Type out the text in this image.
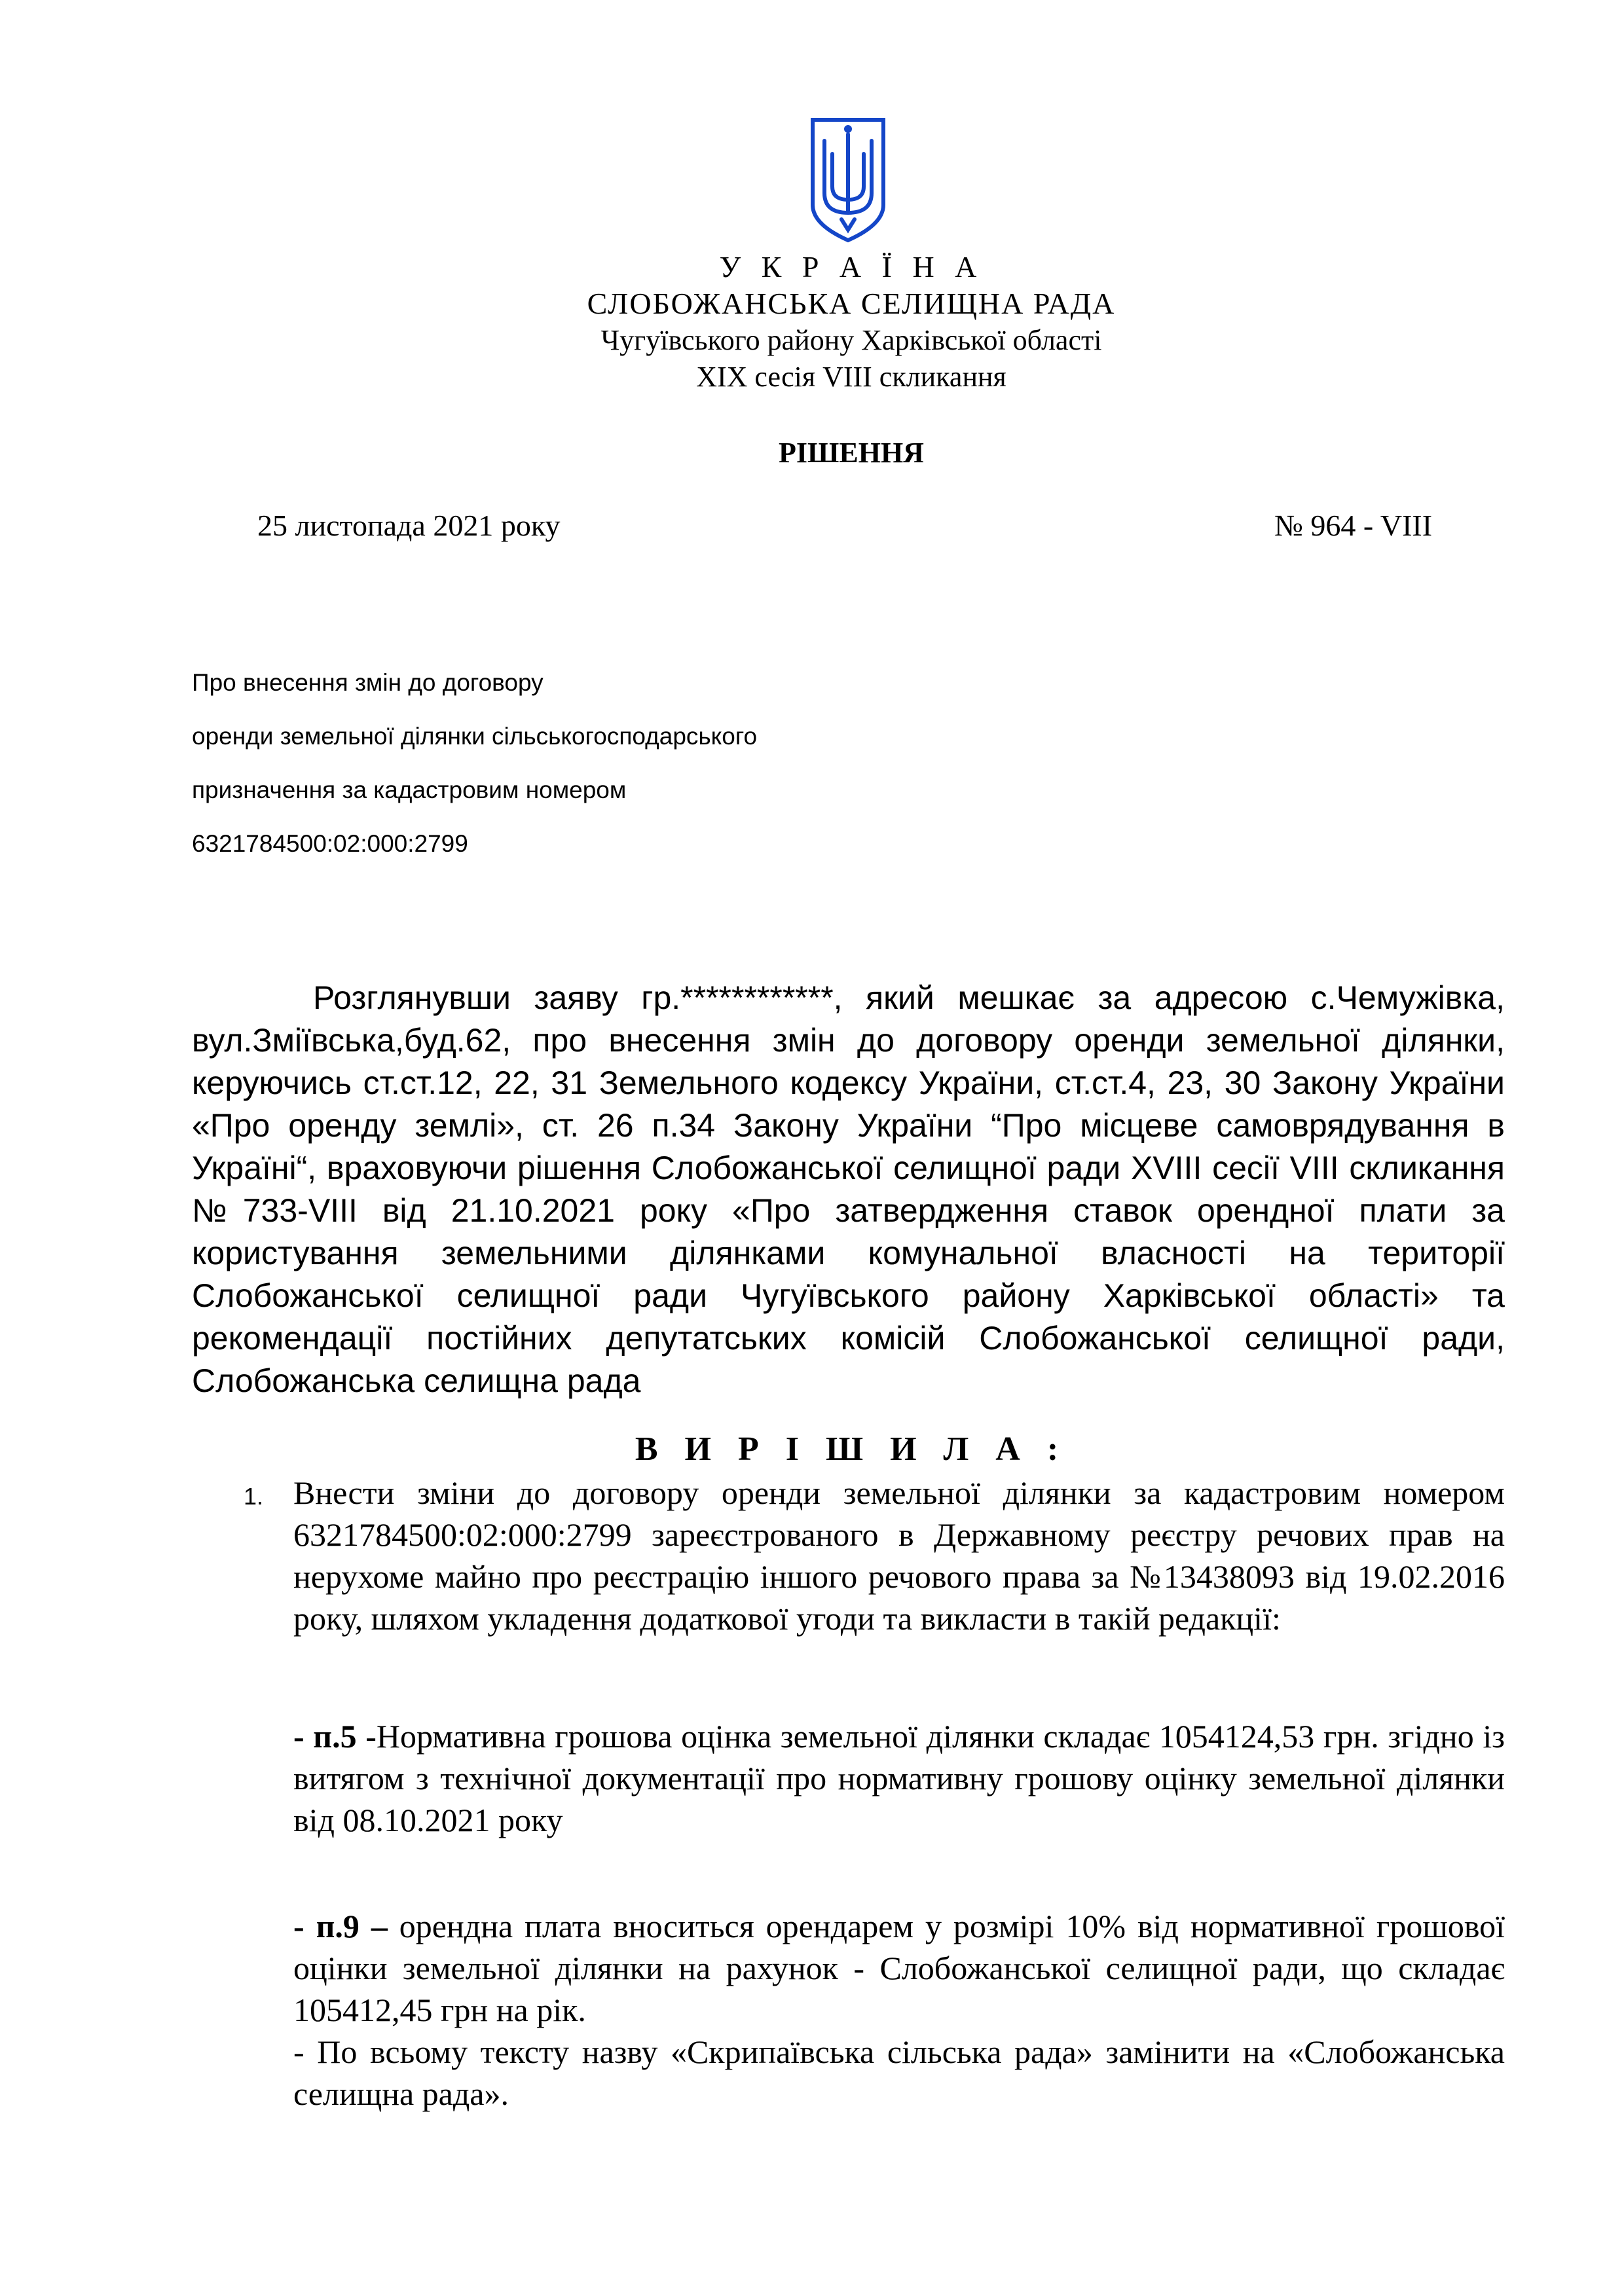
У К Р А Ї Н А
СЛОБОЖАНСЬКА СЕЛИЩНА РАДА
Чугуївського району Харківської області
XIX сесія VIII скликання
РІШЕННЯ
25 листопада 2021 року	№ 964 - VIII
Про внесення змін до договору
оренди земельної ділянки сільськогосподарського
призначення за кадастровим номером
6321784500:02:000:2799
Розглянувши заяву гр.************, який мешкає за адресою с.Чемужівка, вул.Зміївська,буд.62, про внесення змін до договору оренди земельної ділянки, керуючись ст.ст.12, 22, 31 Земельного кодексу України, ст.ст.4, 23, 30 Закону України «Про оренду землі», ст. 26 п.34 Закону України “Про місцеве самоврядування в Україні“, враховуючи рішення Слобожанської селищної ради XVIII сесії VIII скликання №733-VIII від 21.10.2021 року «Про затвердження ставок орендної плати за користування земельними ділянками комунальної власності на території Слобожанської селищної ради Чугуївського району Харківської області» та рекомендації постійних депутатських комісій Слобожанської селищної ради, Слобожанська селищна рада
В И Р І Ш И Л А :
1. Внести зміни до договору оренди земельної ділянки за кадастровим номером 6321784500:02:000:2799 зареєстрованого в Державному реєстру речових прав на нерухоме майно про реєстрацію іншого речового права за №13438093 від 19.02.2016 року, шляхом укладення додаткової угоди та викласти в такій редакції:
- п.5 -Нормативна грошова оцінка земельної ділянки складає 1054124,53 грн. згідно із витягом з технічної документації про нормативну грошову оцінку земельної ділянки від 08.10.2021 року
- п.9 – орендна плата вноситься орендарем у розмірі 10% від нормативної грошової оцінки земельної ділянки на рахунок - Слобожанської селищної ради, що складає 105412,45 грн на рік.
- По всьому тексту назву «Скрипаївська сільська рада» замінити на «Слобожанська селищна рада».
